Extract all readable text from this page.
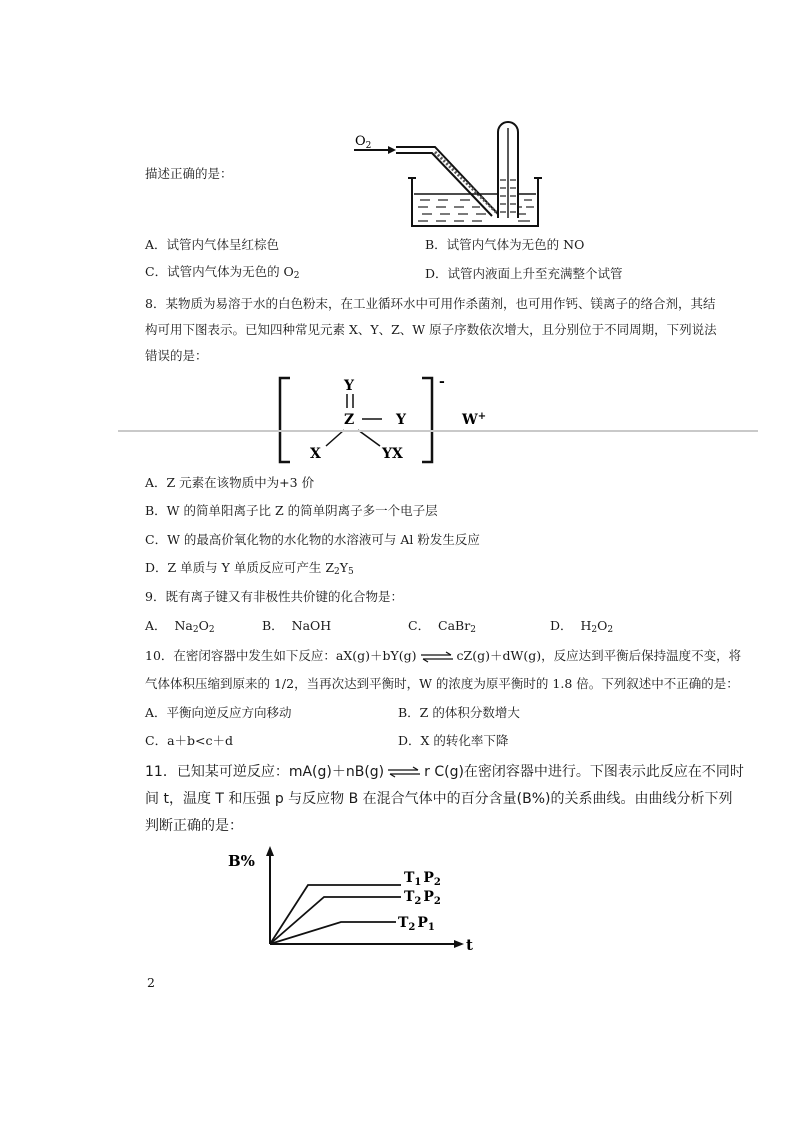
描述正确的是：
$O_2$
A．试管内气体呈红棕色	B．试管内气体为无色的 NO
C．试管内气体为无色的 $O_2$	D．试管内液面上升至充满整个试管
8．某物质为易溶于水的白色粉末，在工业循环水中可用作杀菌剂，也可用作钙、镁离子的络合剂，其结
构可用下图表示。已知四种常见元素 X、Y、Z、W 原子序数依次增大，且分别位于不同周期，下列说法
错误的是：
-
Y
Z	Y
X	YX
W+
A．Z 元素在该物质中为+3 价
B．W 的简单阳离子比 Z 的简单阴离子多一个电子层
C．W 的最高价氧化物的水化物的水溶液可与 Al 粉发生反应
D．Z 单质与 Y 单质反应可产生 $Z_2Y_5$
9．既有离子键又有非极性共价键的化合物是：
A． $Na_2O_2$	B． NaOH	C． CaBr$_2$	D． $H_2O_2$
10．在密闭容器中发生如下反应：aX(g)＋bY(g) ⇌ cZ(g)＋dW(g)，反应达到平衡后保持温度不变，将
气体体积压缩到原来的 1/2，当再次达到平衡时，W 的浓度为原平衡时的 1.8 倍。下列叙述中不正确的是：
A．平衡向逆反应方向移动	B．Z 的体积分数增大
C．a＋b<c＋d	D．X 的转化率下降
11．已知某可逆反应：mA(g)＋nB(g) ⇌ r C(g)在密闭容器中进行。下图表示此反应在不同时
间 t，温度 T 和压强 p 与反应物 B 在混合气体中的百分含量(B%)的关系曲线。由曲线分析下列
判断正确的是：
B%
t
$T_1$ $P_2$
$T_2$ $P_2$
$T_2$ $P_1$
2
